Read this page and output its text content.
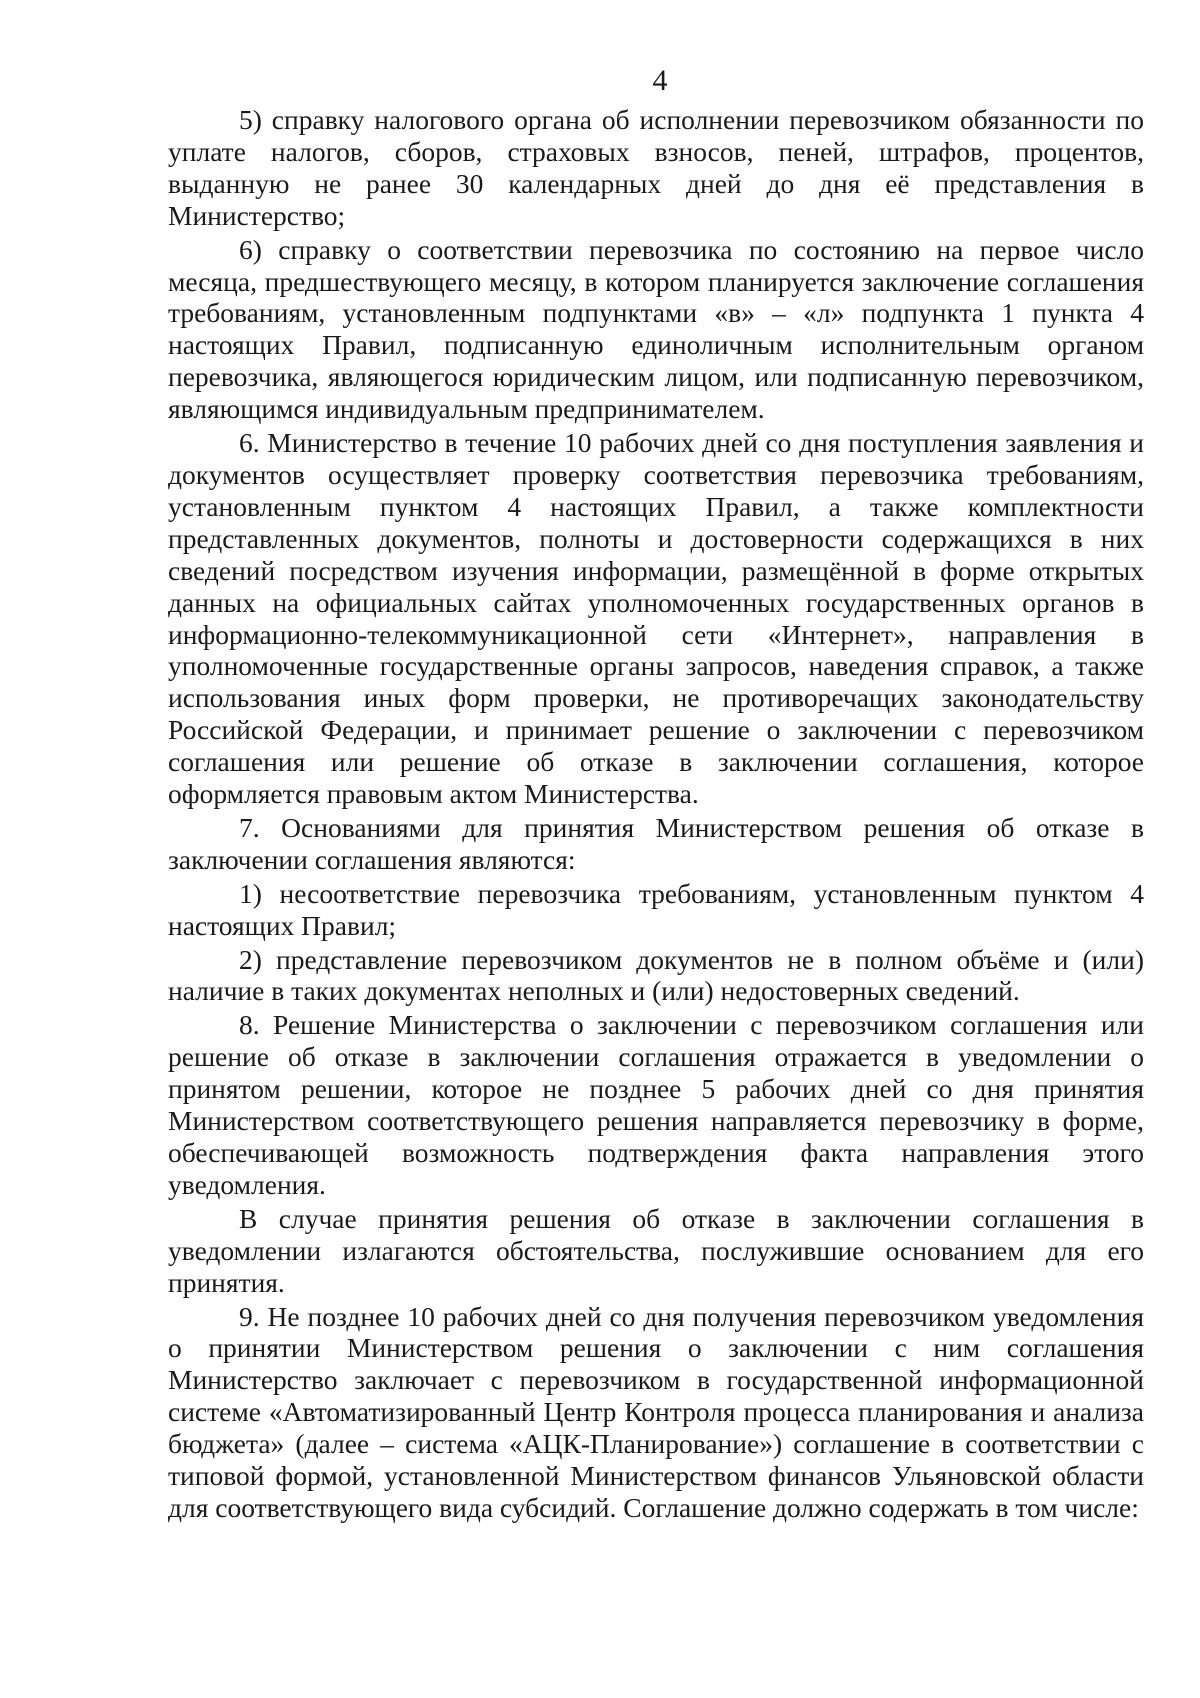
4

5) справку налогового органа об исполнении перевозчиком обязанности по уплате налогов, сборов, страховых взносов, пеней, штрафов, процентов, выданную не ранее 30 календарных дней до дня её представления в Министерство;

6) справку о соответствии перевозчика по состоянию на первое число месяца, предшествующего месяцу, в котором планируется заключение соглашения требованиям, установленным подпунктами «в» – «л» подпункта 1 пункта 4 настоящих Правил, подписанную единоличным исполнительным органом перевозчика, являющегося юридическим лицом, или подписанную перевозчиком, являющимся индивидуальным предпринимателем.

6. Министерство в течение 10 рабочих дней со дня поступления заявления и документов осуществляет проверку соответствия перевозчика требованиям, установленным пунктом 4 настоящих Правил, а также комплектности представленных документов, полноты и достоверности содержащихся в них сведений посредством изучения информации, размещённой в форме открытых данных на официальных сайтах уполномоченных государственных органов в информационно-телекоммуникационной сети «Интернет», направления в уполномоченные государственные органы запросов, наведения справок, а также использования иных форм проверки, не противоречащих законодательству Российской Федерации, и принимает решение о заключении с перевозчиком соглашения или решение об отказе в заключении соглашения, которое оформляется правовым актом Министерства.

7. Основаниями для принятия Министерством решения об отказе в заключении соглашения являются:

1) несоответствие перевозчика требованиям, установленным пунктом 4 настоящих Правил;

2) представление перевозчиком документов не в полном объёме и (или) наличие в таких документах неполных и (или) недостоверных сведений.

8. Решение Министерства о заключении с перевозчиком соглашения или решение об отказе в заключении соглашения отражается в уведомлении о принятом решении, которое не позднее 5 рабочих дней со дня принятия Министерством соответствующего решения направляется перевозчику в форме, обеспечивающей возможность подтверждения факта направления этого уведомления.

В случае принятия решения об отказе в заключении соглашения в уведомлении излагаются обстоятельства, послужившие основанием для его принятия.

9. Не позднее 10 рабочих дней со дня получения перевозчиком уведомления о принятии Министерством решения о заключении с ним соглашения Министерство заключает с перевозчиком в государственной информационной системе «Автоматизированный Центр Контроля процесса планирования и анализа бюджета» (далее – система «АЦК-Планирование») соглашение в соответствии с типовой формой, установленной Министерством финансов Ульяновской области для соответствующего вида субсидий. Соглашение должно содержать в том числе:
